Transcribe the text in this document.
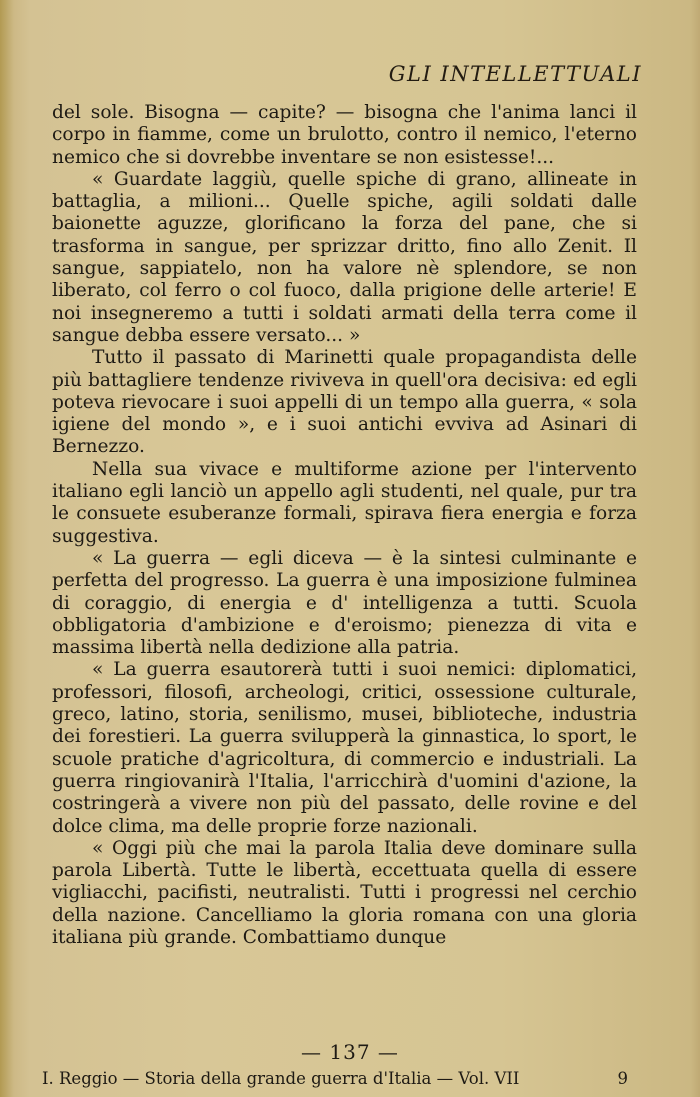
GLI INTELLETTUALI

del sole. Bisogna — capite? — bisogna che l'anima lanci il corpo in fiamme, come un brulotto, contro il nemico, l'eterno nemico che si dovrebbe inventare se non esistesse!...

« Guardate laggiù, quelle spiche di grano, allineate in battaglia, a milioni... Quelle spiche, agili soldati dalle baionette aguzze, glorificano la forza del pane, che si trasforma in sangue, per sprizzar dritto, fino allo Zenit. Il sangue, sappiatelo, non ha valore nè splendore, se non liberato, col ferro o col fuoco, dalla prigione delle arterie! E noi insegneremo a tutti i soldati armati della terra come il sangue debba essere versato... »

Tutto il passato di Marinetti quale propagandista delle più battagliere tendenze riviveva in quell'ora decisiva: ed egli poteva rievocare i suoi appelli di un tempo alla guerra, « sola igiene del mondo », e i suoi antichi evviva ad Asinari di Bernezzo.

Nella sua vivace e multiforme azione per l'intervento italiano egli lanciò un appello agli studenti, nel quale, pur tra le consuete esuberanze formali, spirava fiera energia e forza suggestiva.

« La guerra — egli diceva — è la sintesi culminante e perfetta del progresso. La guerra è una imposizione fulminea di coraggio, di energia e d' intelligenza a tutti. Scuola obbligatoria d'ambizione e d'eroismo; pienezza di vita e massima libertà nella dedizione alla patria.

« La guerra esautorerà tutti i suoi nemici: diplomatici, professori, filosofi, archeologi, critici, ossessione culturale, greco, latino, storia, senilismo, musei, biblioteche, industria dei forestieri. La guerra svilupperà la ginnastica, lo sport, le scuole pratiche d'agricoltura, di commercio e industriali. La guerra ringiovanirà l'Italia, l'arricchirà d'uomini d'azione, la costringerà a vivere non più del passato, delle rovine e del dolce clima, ma delle proprie forze nazionali.

« Oggi più che mai la parola Italia deve dominare sulla parola Libertà. Tutte le libertà, eccettuata quella di essere vigliacchi, pacifisti, neutralisti. Tutti i progressi nel cerchio della nazione. Cancelliamo la gloria romana con una gloria italiana più grande. Combattiamo dunque

— 137 —
I. Reggio — Storia della grande guerra d'Italia — Vol. VII	9
